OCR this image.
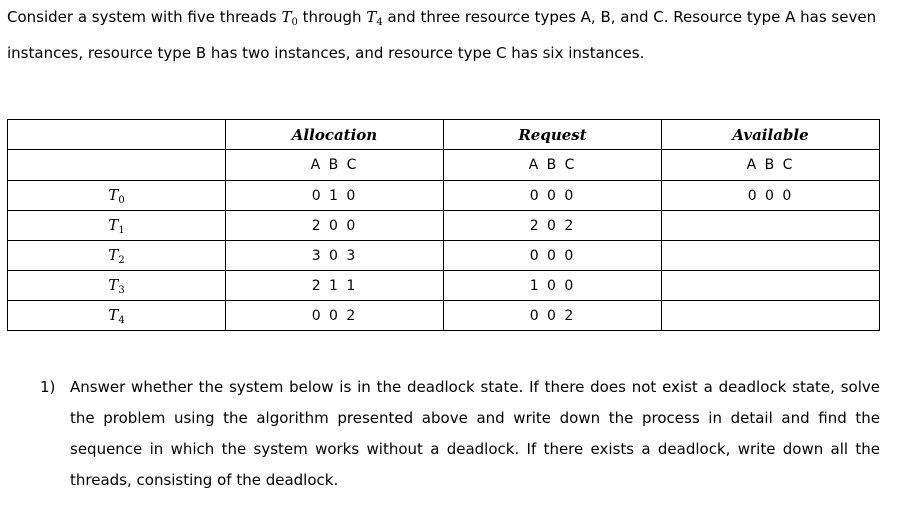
Consider a system with five threads $T_0$ through $T_4$ and three resource types A, B, and C. Resource type A has seven instances, resource type B has two instances, and resource type C has six instances.

	Allocation	Request	Available
	A B C	A B C	A B C
$T_0$	0 1 0	0 0 0	0 0 0
$T_1$	2 0 0	2 0 2	
$T_2$	3 0 3	0 0 0	
$T_3$	2 1 1	1 0 0	
$T_4$	0 0 2	0 0 2	
1) Answer whether the system below is in the deadlock state. If there does not exist a deadlock state, solve the problem using the algorithm presented above and write down the process in detail and find the sequence in which the system works without a deadlock. If there exists a deadlock, write down all the threads, consisting of the deadlock.
